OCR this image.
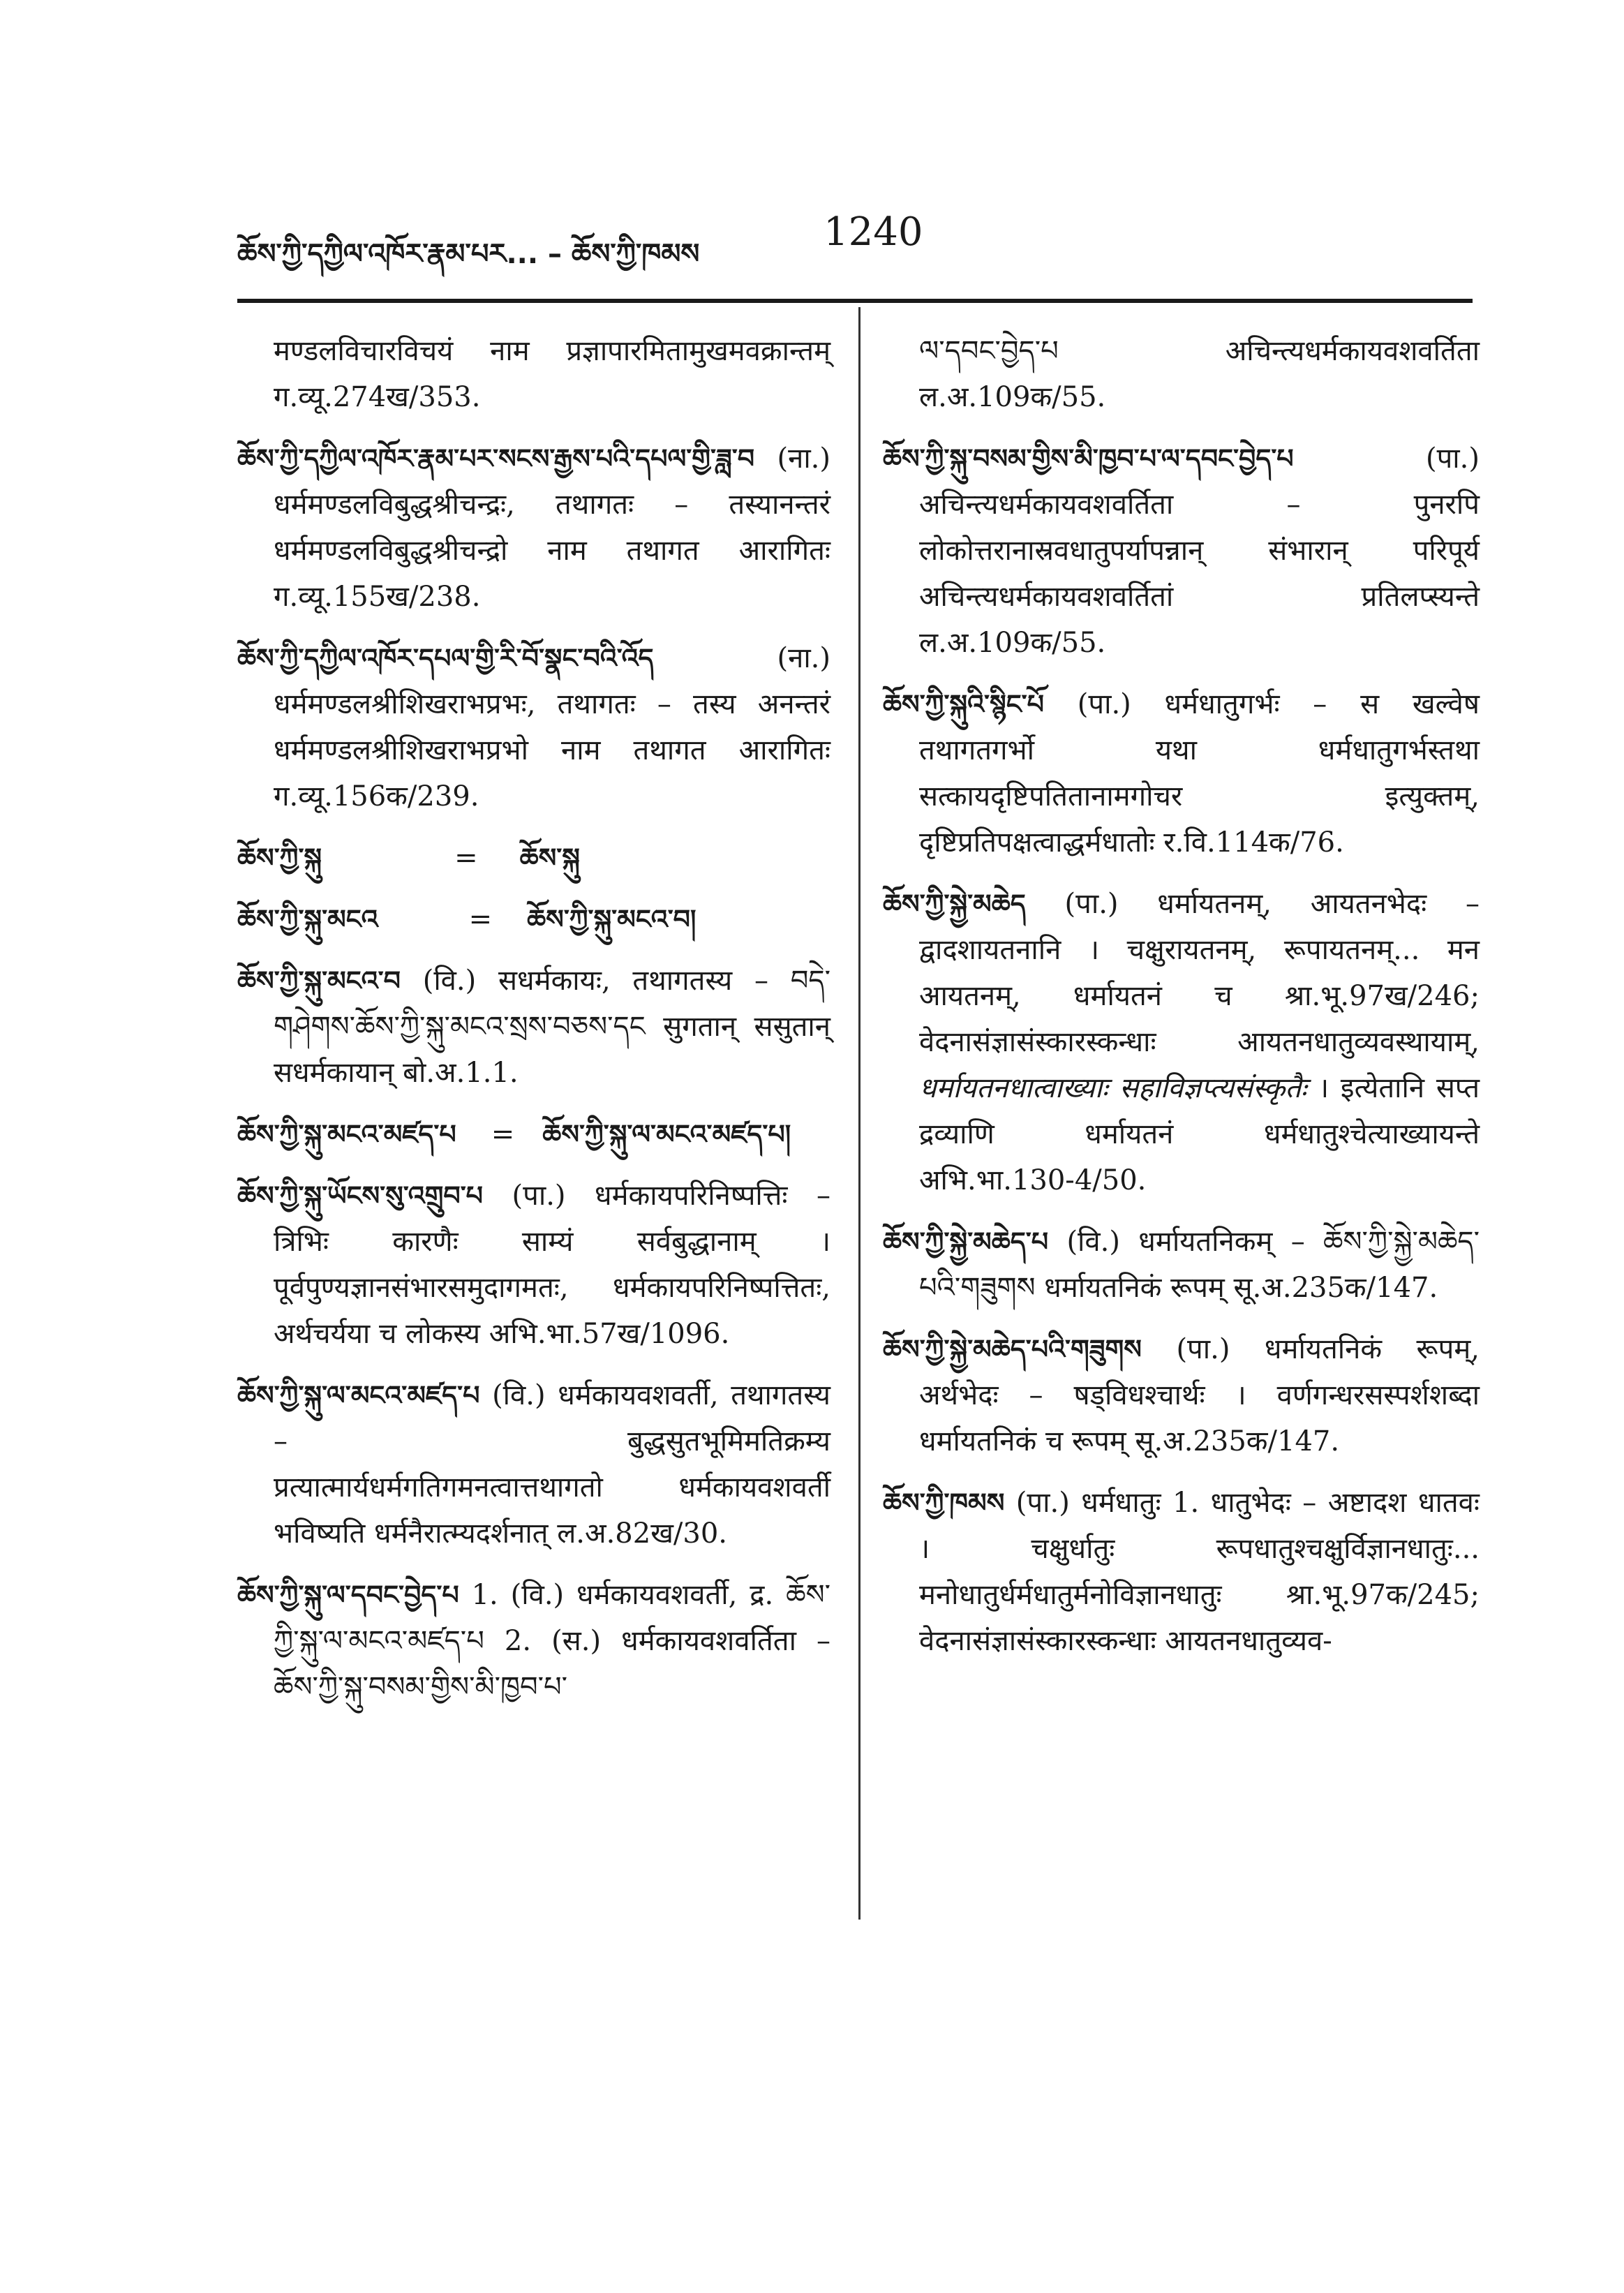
ཆོས་ཀྱི་དཀྱིལ་འཁོར་རྣམ་པར... – ཆོས་ཀྱི་ཁམས	1240

मण्डलविचारविचयं नाम प्रज्ञापारमितामुखमवक्रान्तम् ग.व्यू.274ख/353.

ཆོས་ཀྱི་དཀྱིལ་འཁོར་རྣམ་པར་སངས་རྒྱས་པའི་དཔལ་གྱི་ཟླ་བ (ना.) धर्ममण्डलविबुद्धश्रीचन्द्रः, तथागतः – तस्यानन्तरं धर्ममण्डलविबुद्धश्रीचन्द्रो नाम तथागत आरागितः ग.व्यू.155ख/238.

ཆོས་ཀྱི་དཀྱིལ་འཁོར་དཔལ་གྱི་རི་བོ་སྣང་བའི་འོད (ना.) धर्ममण्डलश्रीशिखराभप्रभः, तथागतः – तस्य अनन्तरं धर्ममण्डलश्रीशिखराभप्रभो नाम तथागत आरागितः ग.व्यू.156क/239.

ཆོས་ཀྱི་སྐུ	= ཆོས་སྐུ

ཆོས་ཀྱི་སྐུ་མངའ	= ཆོས་ཀྱི་སྐུ་མངའ་བ།

ཆོས་ཀྱི་སྐུ་མངའ་བ (वि.) सधर्मकायः, तथागतस्य – བདེ་གཤེགས་ཆོས་ཀྱི་སྐུ་མངའ་སྲས་བཅས་དང सुगतान् ससुतान् सधर्मकायान् बो.अ.1.1.

ཆོས་ཀྱི་སྐུ་མངའ་མཛད་པ = ཆོས་ཀྱི་སྐུ་ལ་མངའ་མཛད་པ།

ཆོས་ཀྱི་སྐུ་ཡོངས་སུ་འགྲུབ་པ (पा.) धर्मकायपरिनिष्पत्तिः – त्रिभिः कारणैः साम्यं सर्वबुद्धानाम् । पूर्वपुण्यज्ञानसंभारसमुदागमतः, धर्मकायपरिनिष्पत्तितः, अर्थचर्यया च लोकस्य अभि.भा.57ख/1096.

ཆོས་ཀྱི་སྐུ་ལ་མངའ་མཛད་པ (वि.) धर्मकायवशवर्ती, तथागतस्य – बुद्धसुतभूमिमतिक्रम्य प्रत्यात्मार्यधर्मगतिगमनत्वात्तथागतो धर्मकायवशवर्ती भविष्यति धर्मनैरात्म्यदर्शनात् ल.अ.82ख/30.

ཆོས་ཀྱི་སྐུ་ལ་དབང་བྱེད་པ 1. (वि.) धर्मकायवशवर्ती, द्र. ཆོས་ཀྱི་སྐུ་ལ་མངའ་མཛད་པ 2. (स.) धर्मकायवशवर्तिता – ཆོས་ཀྱི་སྐུ་བསམ་གྱིས་མི་ཁྱབ་པ་

ལ་དབང་བྱེད་པ अचिन्त्यधर्मकायवशवर्तिता ल.अ.109क/55.

ཆོས་ཀྱི་སྐུ་བསམ་གྱིས་མི་ཁྱབ་པ་ལ་དབང་བྱེད་པ (पा.) अचिन्त्यधर्मकायवशवर्तिता – पुनरपि लोकोत्तरानास्रवधातुपर्यापन्नान् संभारान् परिपूर्य अचिन्त्यधर्मकायवशवर्तितां प्रतिलप्स्यन्ते ल.अ.109क/55.

ཆོས་ཀྱི་སྐུའི་སྙིང་པོ (पा.) धर्मधातुगर्भः – स खल्वेष तथागतगर्भो यथा धर्मधातुगर्भस्तथा सत्कायदृष्टिपतितानामगोचर इत्युक्तम्, दृष्टिप्रतिपक्षत्वाद्धर्मधातोः र.वि.114क/76.

ཆོས་ཀྱི་སྐྱེ་མཆེད (पा.) धर्मायतनम्, आयतनभेदः – द्वादशायतनानि । चक्षुरायतनम्, रूपायतनम्... मन आयतनम्, धर्मायतनं च श्रा.भू.97ख/246; वेदनासंज्ञासंस्कारस्कन्धाः आयतनधातुव्यवस्थायाम्, धर्मायतनधात्वाख्याः सहाविज्ञप्त्यसंस्कृतैः । इत्येतानि सप्त द्रव्याणि धर्मायतनं धर्मधातुश्चेत्याख्यायन्ते अभि.भा.130-4/50.

ཆོས་ཀྱི་སྐྱེ་མཆེད་པ (वि.) धर्मायतनिकम् – ཆོས་ཀྱི་སྐྱེ་མཆེད་པའི་གཟུགས धर्मायतनिकं रूपम् सू.अ.235क/147.

ཆོས་ཀྱི་སྐྱེ་མཆེད་པའི་གཟུགས (पा.) धर्मायतनिकं रूपम्, अर्थभेदः – षड्विधश्चार्थः । वर्णगन्धरसस्पर्शशब्दा धर्मायतनिकं च रूपम् सू.अ.235क/147.

ཆོས་ཀྱི་ཁམས (पा.) धर्मधातुः 1. धातुभेदः – अष्टादश धातवः । चक्षुर्धातुः रूपधातुश्चक्षुर्विज्ञानधातुः... मनोधातुर्धर्मधातुर्मनोविज्ञानधातुः श्रा.भू.97क/245; वेदनासंज्ञासंस्कारस्कन्धाः आयतनधातुव्यव-
